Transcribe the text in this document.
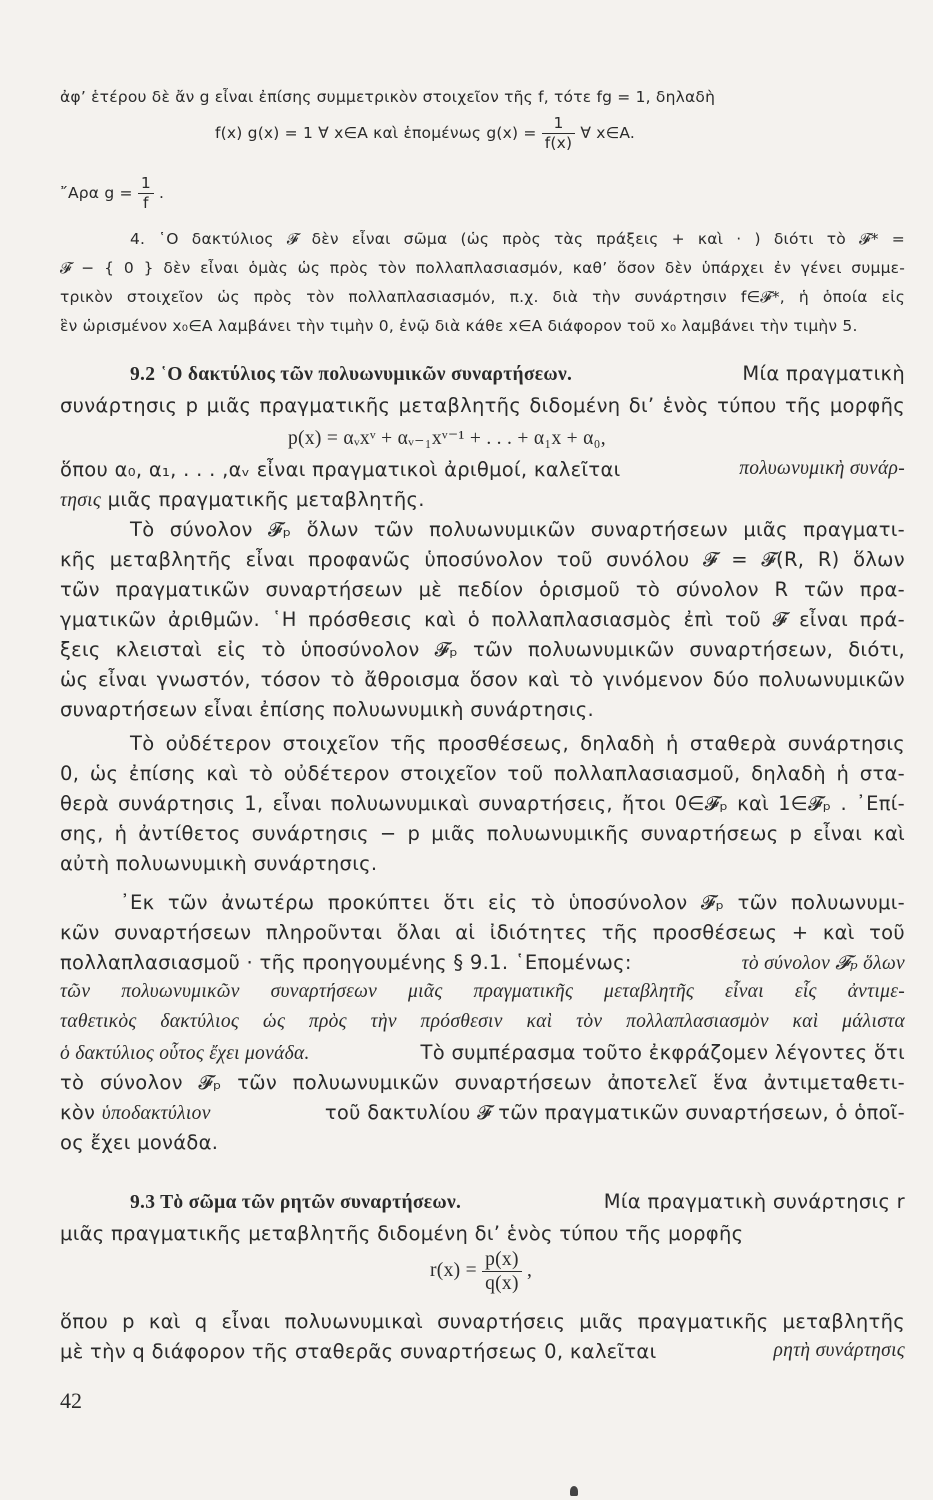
ἀφ’ ἑτέρου δὲ ἄν g εἶναι ἐπίσης συμμετρικὸν στοιχεῖον τῆς f, τότε fg = 1, δηλαδὴ
f(x) g(x) = 1 ∀ x∈A καὶ ἑπομένως $g(x) = \frac{1}{f(x)}$ ∀ x∈A.
῎Αρα $g = \frac{1}{f}$ .
4. ῾Ο δακτύλιος 𝓕 δὲν εἶναι σῶμα (ὡς πρὸς τὰς πράξεις + καὶ · ) διότι τὸ 𝓕* =
𝓕 − { 0 } δὲν εἶναι ὁμὰς ὡς πρὸς τὸν πολλαπλασιασμόν, καθ’ ὅσον δὲν ὑπάρχει ἐν γένει συμμε-
τρικὸν στοιχεῖον ὡς πρὸς τὸν πολλαπλασιασμόν, π.χ. διὰ τὴν συνάρτησιν f∈𝓕*, ἡ ὁποία εἰς
ἓν ὡρισμένον x₀∈A λαμβάνει τὴν τιμὴν 0, ἐνῷ διὰ κάθε x∈A διάφορον τοῦ x₀ λαμβάνει τὴν τιμὴν 5.
9.2 ῾Ο δακτύλιος τῶν πολυωνυμικῶν συναρτήσεων.	Μία πραγματικὴ
συνάρτησις p μιᾶς πραγματικῆς μεταβλητῆς διδομένη δι’ ἑνὸς τύπου τῆς μορφῆς
p(x) = αᵥxᵛ + αᵥ₋₁xᵛ⁻¹ + . . . + α₁x + α₀,
ὅπου α₀, α₁, . . . ,αᵥ εἶναι πραγματικοὶ ἀριθμοί, καλεῖται	πολυωνυμικὴ συνάρ-
τησις μιᾶς πραγματικῆς μεταβλητῆς.
Τὸ σύνολον 𝓕ₚ ὅλων τῶν πολυωνυμικῶν συναρτήσεων μιᾶς πραγματι-
κῆς μεταβλητῆς εἶναι προφανῶς ὑποσύνολον τοῦ συνόλου 𝓕 = 𝓕(R, R) ὅλων
τῶν πραγματικῶν συναρτήσεων μὲ πεδίον ὁρισμοῦ τὸ σύνολον R τῶν πρα-
γματικῶν ἀριθμῶν. ῾Η πρόσθεσις καὶ ὁ πολλαπλασιασμὸς ἐπὶ τοῦ 𝓕 εἶναι πρά-
ξεις κλεισταὶ εἰς τὸ ὑποσύνολον 𝓕ₚ τῶν πολυωνυμικῶν συναρτήσεων, διότι,
ὡς εἶναι γνωστόν, τόσον τὸ ἄθροισμα ὅσον καὶ τὸ γινόμενον δύο πολυωνυμικῶν
συναρτήσεων εἶναι ἐπίσης πολυωνυμικὴ συνάρτησις.
Τὸ οὐδέτερον στοιχεῖον τῆς προσθέσεως, δηλαδὴ ἡ σταθερὰ συνάρτησις
0, ὡς ἐπίσης καὶ τὸ οὐδέτερον στοιχεῖον τοῦ πολλαπλασιασμοῦ, δηλαδὴ ἡ στα-
θερὰ συνάρτησις 1, εἶναι πολυωνυμικαὶ συναρτήσεις, ἤτοι 0∈𝓕ₚ καὶ 1∈𝓕ₚ . ᾿Επί-
σης, ἡ ἀντίθετος συνάρτησις − p μιᾶς πολυωνυμικῆς συναρτήσεως p εἶναι καὶ
αὐτὴ πολυωνυμικὴ συνάρτησις.
᾿Εκ τῶν ἀνωτέρω προκύπτει ὅτι εἰς τὸ ὑποσύνολον 𝓕ₚ τῶν πολυωνυμι-
κῶν συναρτήσεων πληροῦνται ὅλαι αἱ ἰδιότητες τῆς προσθέσεως + καὶ τοῦ
πολλαπλασιασμοῦ · τῆς προηγουμένης § 9.1. ῾Επομένως:	τὸ σύνολον 𝓕ₚ ὅλων
τῶν πολυωνυμικῶν συναρτήσεων μιᾶς πραγματικῆς μεταβλητῆς εἶναι εἷς ἀντιμε-
ταθετικὸς δακτύλιος ὡς πρὸς τὴν πρόσθεσιν καὶ τὸν πολλαπλασιασμὸν καὶ μάλιστα
ὁ δακτύλιος οὗτος ἔχει μονάδα.	Τὸ συμπέρασμα τοῦτο ἐκφράζομεν λέγοντες ὅτι
τὸ σύνολον 𝓕ₚ τῶν πολυωνυμικῶν συναρτήσεων ἀποτελεῖ ἕνα ἀντιμεταθετι-
κὸν ὑποδακτύλιον	τοῦ δακτυλίου 𝓕 τῶν πραγματικῶν συναρτήσεων, ὁ ὁποῖ-
ος ἔχει μονάδα.
9.3 Τὸ σῶμα τῶν ρητῶν συναρτήσεων.	Μία πραγματικὴ συνάρτησις r
μιᾶς πραγματικῆς μεταβλητῆς διδομένη δι’ ἑνὸς τύπου τῆς μορφῆς
$r(x) = \frac{p(x)}{q(x)}$ ,
ὅπου p καὶ q εἶναι πολυωνυμικαὶ συναρτήσεις μιᾶς πραγματικῆς μεταβλητῆς
μὲ τὴν q διάφορον τῆς σταθερᾶς συναρτήσεως 0, καλεῖται	ρητὴ συνάρτησις
42
